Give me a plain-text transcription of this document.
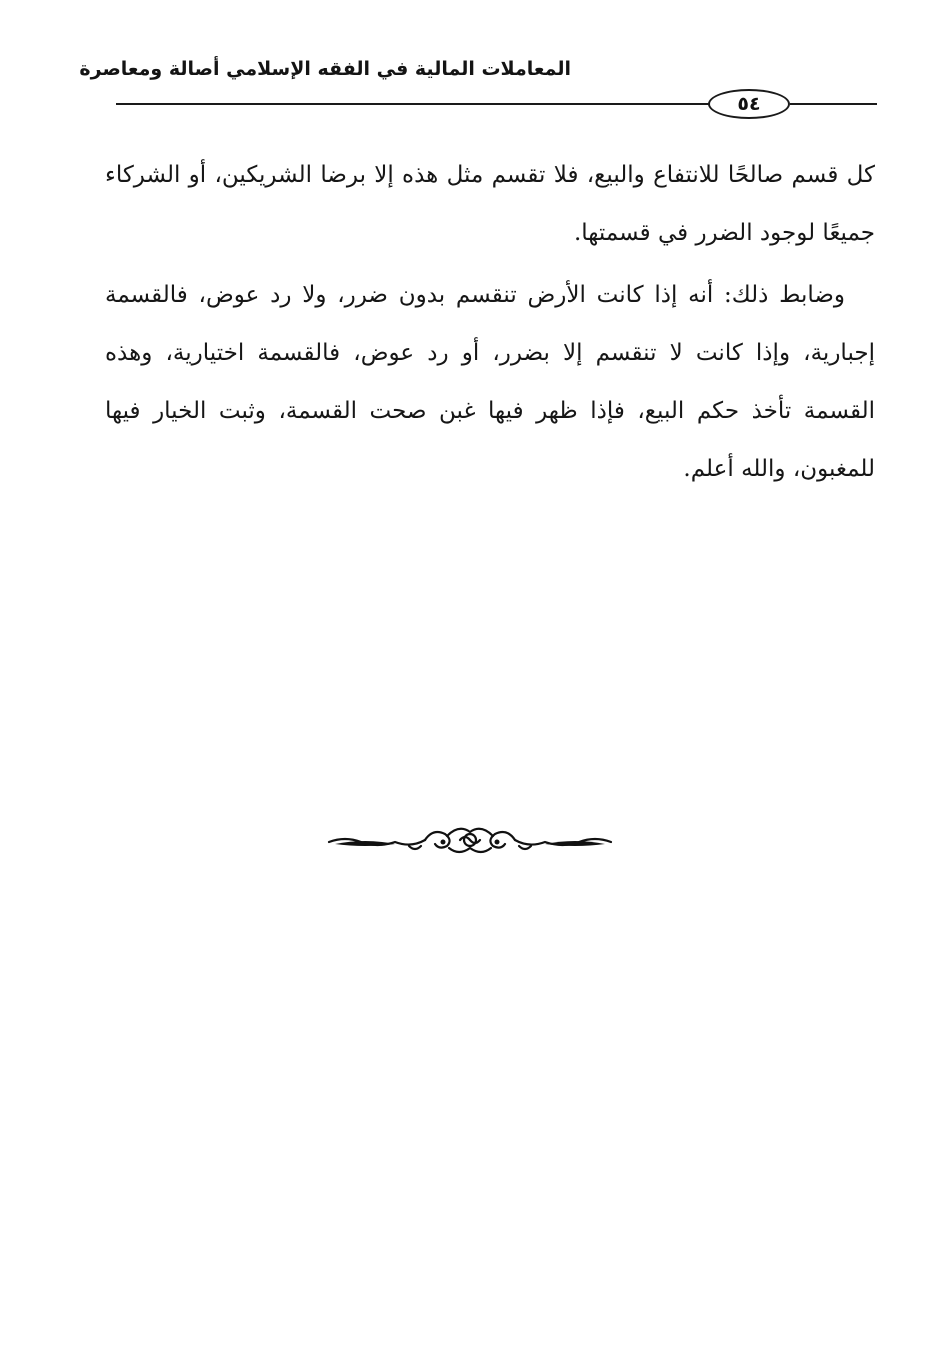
المعاملات المالية في الفقه الإسلامي أصالة ومعاصرة
٥٤

كل قسم صالحًا للانتفاع والبيع، فلا تقسم مثل هذه إلا برضا الشريكين، أو الشركاء جميعًا لوجود الضرر في قسمتها.

وضابط ذلك: أنه إذا كانت الأرض تنقسم بدون ضرر، ولا رد عوض، فالقسمة إجبارية، وإذا كانت لا تنقسم إلا بضرر، أو رد عوض، فالقسمة اختيارية، وهذه القسمة تأخذ حكم البيع، فإذا ظهر فيها غبن صحت القسمة، وثبت الخيار فيها للمغبون، والله أعلم.
